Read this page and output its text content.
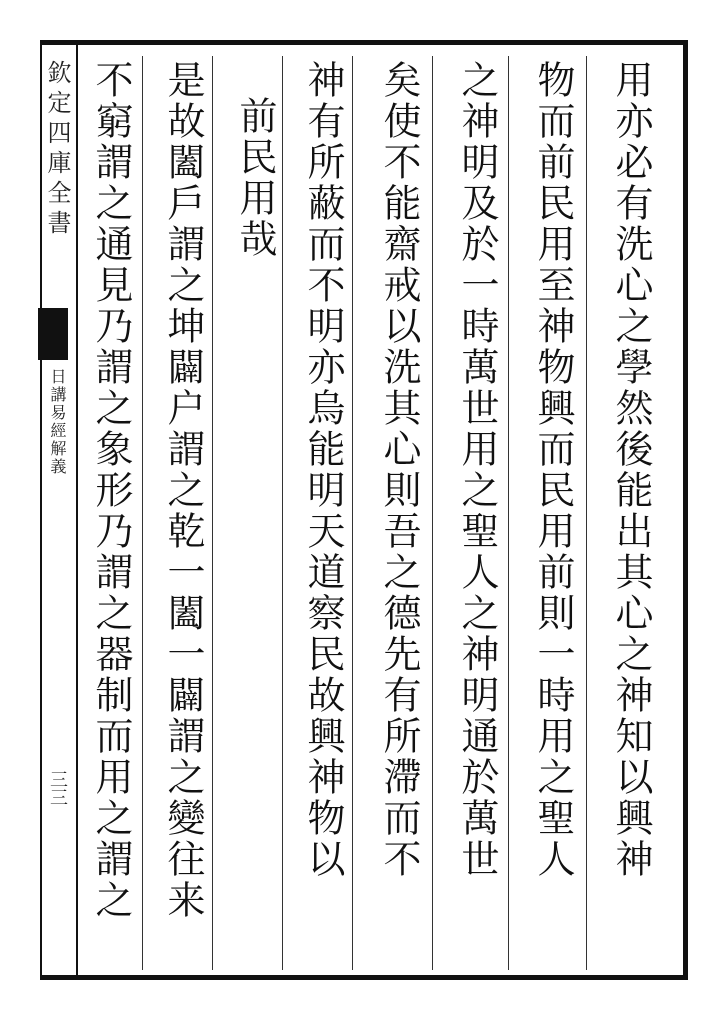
欽定四庫全書
日講易經解義
三三	用亦必有洗心之學然後能出其心之神知以興神
物而前民用至神物興而民用前則一時用之聖人
之神明及於一時萬世用之聖人之神明通於萬世
矣使不能齋戒以洗其心則吾之德先有所滯而不
神有所蔽而不明亦烏能明天道察民故興神物以
前民用哉
是故闔戶謂之坤闢户謂之乾一闔一闢謂之變往来
不窮謂之通見乃謂之象形乃謂之器制而用之謂之
